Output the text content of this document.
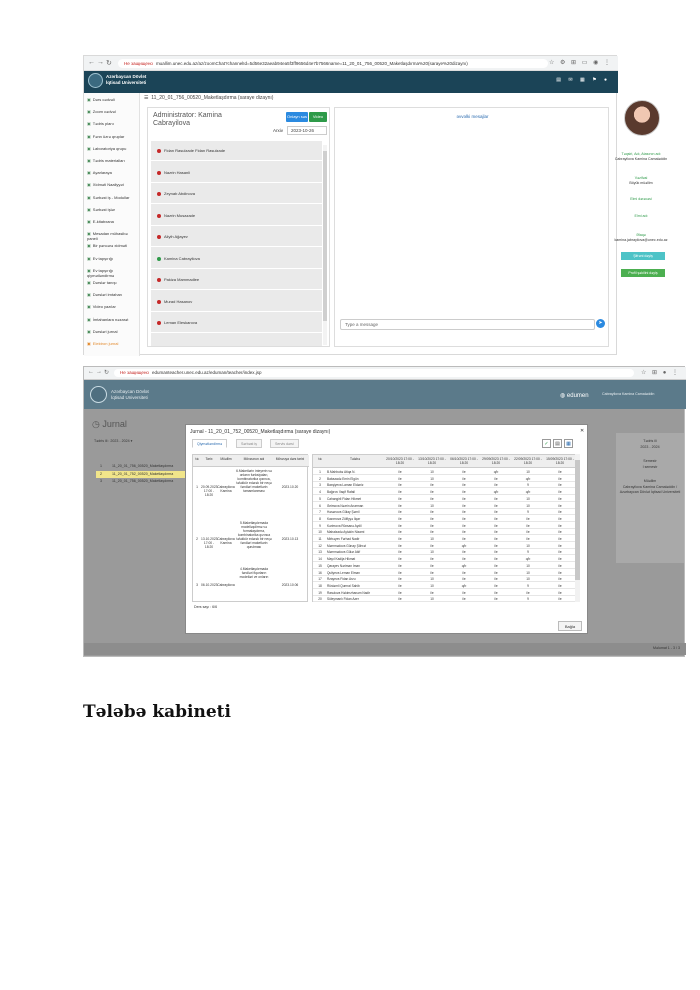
← → ↻	Не защищено muallim.unec.edu.az/az/zoomChat?channelId=5d56e32aeab94ea5f3ff9656d4e7b7566name=11_20_01_756_00520_Maketlaşdırma%20(saraye%20dizaynı)	☆ ⚙ ⊞ ▭ ◉ ⋮
Azərbaycan Dövlət
İqtisad Universiteti	▤ ✉ ▦ ⚑ ●
▣ Dərs cədvəli
▣ Zoom cədvəl
▣ Tədris planı
▣ Fənn üzrə qruplar
▣ Laboratoriya qrupu
▣ Tədris materialları
▣ Ayarlaraya
▣ Xidməti Naaliyyət
▣ Sərbəst iş - Modullar
▣ Sərbəst işlər
▣ E-kitabxana
▣ Mesadan mühasibə paneli
▣ Bir pəncərə xidməti
▣ Ev tapşırığı
▣ Ev tapşırığı qiymətləndirmə
▣ Dərslər tanışı
▣ Dərsləri imtahan
▣ Video yazılar
▣ İmtahanlara nəzarət
▣ Dərsləri jurnal
▣ Elektron jurnal
☰  11_20_01_756_00520_Maketlaşdırma (saraye dizaynı)
Administrator: Kamina Cabrayilova
Onlayn səs	Video
Arxiv	2023-10-26
Fidan Rasulzade Fidan Rasulzade
Nazrin Hasanli
Zeynab Abdinova
Nazrin Musazade
Aliyih Ağayev
Kamina Cabrayilova
Pakiza Mammadlee
Murad Hasanov
Leman Eleskarova
əvvəlki mesajlar
Type a message	➤
Təqsiri, Adı, Atasının adı
Cabrayilova Kamina Camaləddin
Vəzifəsi
Böyük müəllim
Elmi dərəcəsi
Elmi adı
Əlaqə
kamina.jabrayilova@unec.edu.az
Şifrəni dəyiş
Profil şəkilini dəyiş
← → ↻	Не защищено edumanteacher.unec.edu.az/eduman/teacher/index.jsp	☆ ⊞ ● ⋮
Azərbaycan Dövlət
İqtisad Universiteti	◍ edumen	Cabrayilova Kamina Camaləddin
◷ Jurnal
Tədris ili : 2023 - 2024 ▾
1	11_20_01_756_00520_Maketlaşdırma
2	11_20_01_752_00520_Maketlaşdırma
3	11_20_01_756_00520_Maketlaşdırma
Tədris ili
2023 - 2024
Semestr
I semestr
Müəllim
Cabrayilova Kamina Camaləddin / Azərbaycan Dövlət İqtisad Universiteti
Məlumat 1 - 3 / 3
Jurnal - 11_20_01_752_00520_Maketlaşdırma (saraye dizaynı)	✕
Qiymətləndirmə	Sərbəst iş	Servis dərsi	✓	▤	▦
№	Tarix	Müəllim	Mövzunun adı	Mövzuya dərs tarixi
1 20.09.2023 17:00 - 18:20
Cabrayilova Kamina
6.Maketlərin inteyerin və onların funksiyaları, kombinatorika qızınca, təfəkkür edərək bir neçə fəndləri maketlərin tamamlanması
2023.10.20
2 13.10.2023 17:00 - 18:20
Cabrayilova Kamina
5.Maketlaşdırmada modelləşdirmə və formalaşdırma, kombinatorika qızınca təfəkkür edərək bir neçə fəndləri maketlərin qurulması
2023.10.13
3 06.10.2023 Cabrayilova
4.Maketlaşdırmada fəndləri fiqurların modelləri ve onların
2023.10.06
№	Tələbə	20/10/2023 17:00 - 18:20
13/10/2023 17:00 - 18:20
06/10/2023 17:00 - 18:20
29/09/2023 17:00 - 18:20
22/09/2023 17:00 - 18:20
15/09/2023 17:00 - 18:20
1	B.Mahbubə Atiqa N.	i/e	10	i/e	q/b	10	i/e
2	Babazadə Emin Elgün	i/e	10	i/e	i/e	q/b	i/e
3	Baxşiyeva Laman Eldəniz	i/e	i/e	i/e	i/e	9	i/e
4	Bağırov Vaqif Rafail	i/e	i/e	i/e	q/b	q/b	i/e
5	Cahangirli Fidan Hikmet	i/e	i/e	i/e	i/e	10	i/e
6	Əzimova Nəzrin Anarman	i/e	10	i/e	i/e	10	i/e
7	Həsənova Gülay Şəmil	i/e	i/e	i/e	i/e	9	i/e
8	Kazımova Zülfiyyə İlqar	i/e	i/e	i/e	i/e	i/e	i/e
9	Kərimova Rüxsanə Aydil	i/e	i/e	i/e	i/e	i/e	i/e
10	Mahalzadə Aytəkin Nizami	i/e	i/e	i/e	i/e	i/e	i/e
11	Mirbəyev Fərhad Nadir	i/e	10	i/e	i/e	i/e	i/e
12	Məmmədova Günay Şöhrət	i/e	i/e	q/b	i/e	10	i/e
13	Məmmədova Gülər Akif	i/e	10	i/e	i/e	9	i/e
14	Mayıl Kadija Hikmat	i/e	i/e	i/e	i/e	q/b	i/e
15	Qarayev Nəriman İman	i/e	i/e	q/b	i/e	10	i/e
16	Quliyeva Leman Elman	i/e	i/e	i/e	i/e	10	i/e
17	Rzayeva Fidan Arzu	i/e	10	i/e	i/e	10	i/e
18	Rüstəmli Qumral Sahib	i/e	10	q/b	i/e	9	i/e
19	Rasulova Həkimzhanəm Nadir	i/e	i/e	i/e	i/e	i/e	i/e
20	Süleymanlı Fidan Azer	i/e	10	i/e	i/e	9	i/e
Ders sayı : 6/6
Bağla
Tələbə kabineti
